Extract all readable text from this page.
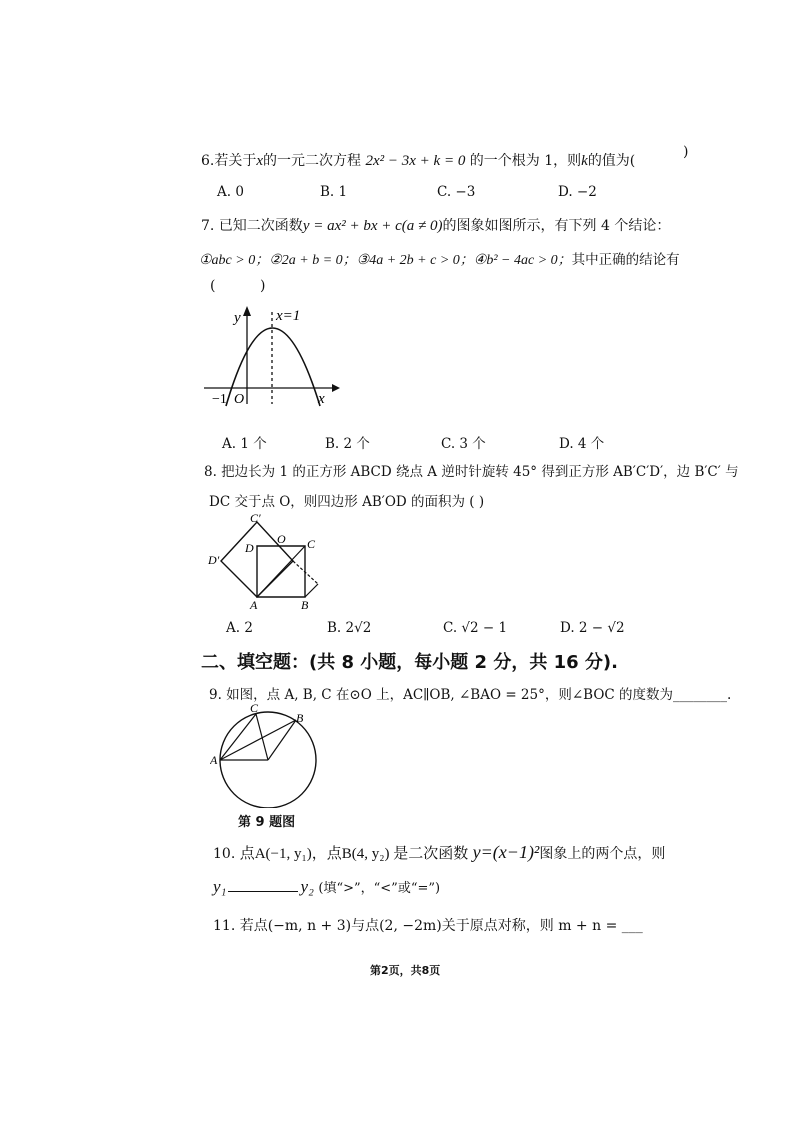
6.若关于x的一元二次方程 2x² − 3x + k = 0 的一个根为 1，则k的值为(
)
A. 0	B. 1	C. −3	D. −2
7. 已知二次函数y = ax² + bx + c(a ≠ 0)的图象如图所示，有下列 4 个结论：
①abc > 0；②2a + b = 0；③4a + 2b + c > 0；④b² − 4ac > 0；其中正确的结论有
(          )
y x=1
−1 O	x
A. 1 个	B. 2 个	C. 3 个	D. 4 个
8. 把边长为 1 的正方形 ABCD 绕点 A 逆时针旋转 45° 得到正方形 AB′C′D′，边 B′C′ 与
DC 交于点 O，则四边形 AB′OD 的面积为 ( )
C′
D′
D
O C
A	B
A. 2	B. 2√2	C. √2 − 1	D. 2 − √2
二、填空题：(共 8 小题，每小题 2 分，共 16 分).
9. 如图，点 A, B, C 在⊙O 上，AC∥OB, ∠BAO = 25°，则∠BOC 的度数为________.
C
B
A
第 9 题图
10. 点A(−1, y₁)，点B(4, y₂) 是二次函数 y=(x−1)²图象上的两个点，则
y₁	y₂ (填“>”，“<”或“=”)
11. 若点(−m, n + 3)与点(2, −2m)关于原点对称，则 m + n = ___
第2页，共8页
